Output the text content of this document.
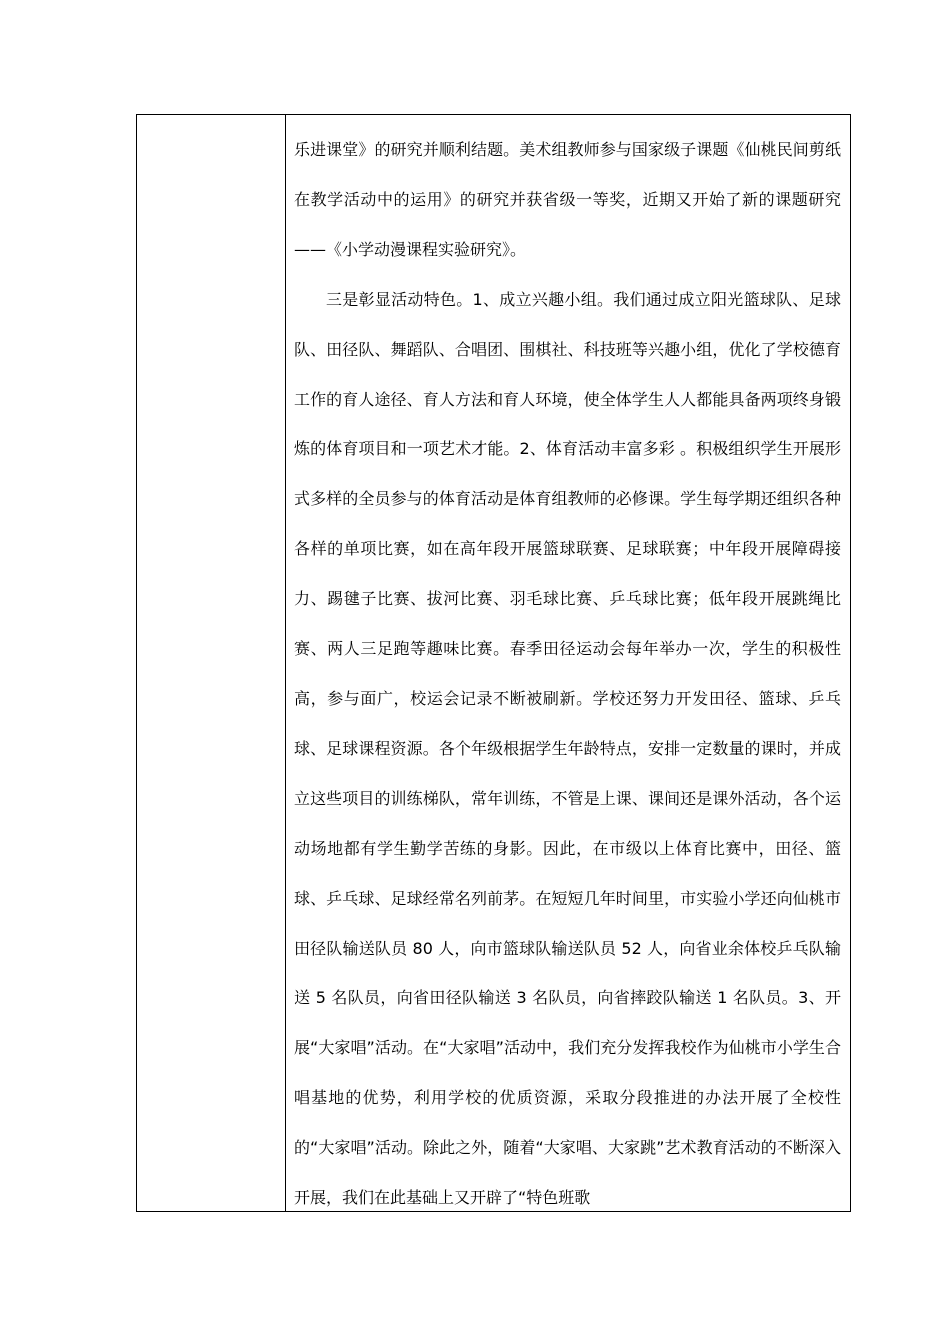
乐进课堂》的研究并顺利结题。美术组教师参与国家级子课题《仙桃民间剪纸在教学活动中的运用》的研究并获省级一等奖，近期又开始了新的课题研究——《小学动漫课程实验研究》。

三是彰显活动特色。1、成立兴趣小组。我们通过成立阳光篮球队、足球队、田径队、舞蹈队、合唱团、围棋社、科技班等兴趣小组，优化了学校德育工作的育人途径、育人方法和育人环境，使全体学生人人都能具备两项终身锻炼的体育项目和一项艺术才能。2、体育活动丰富多彩 。积极组织学生开展形式多样的全员参与的体育活动是体育组教师的必修课。学生每学期还组织各种各样的单项比赛，如在高年段开展篮球联赛、足球联赛；中年段开展障碍接力、踢毽子比赛、拔河比赛、羽毛球比赛、乒乓球比赛；低年段开展跳绳比赛、两人三足跑等趣味比赛。春季田径运动会每年举办一次，学生的积极性高，参与面广，校运会记录不断被刷新。学校还努力开发田径、篮球、乒乓球、足球课程资源。各个年级根据学生年龄特点，安排一定数量的课时，并成立这些项目的训练梯队，常年训练，不管是上课、课间还是课外活动，各个运动场地都有学生勤学苦练的身影。因此，在市级以上体育比赛中，田径、篮球、乒乓球、足球经常名列前茅。在短短几年时间里，市实验小学还向仙桃市田径队输送队员 80 人，向市篮球队输送队员 52 人，向省业余体校乒乓队输送 5 名队员，向省田径队输送 3 名队员，向省摔跤队输送 1 名队员。3、开展“大家唱”活动。在“大家唱”活动中，我们充分发挥我校作为仙桃市小学生合唱基地的优势，利用学校的优质资源，采取分段推进的办法开展了全校性的“大家唱”活动。除此之外，随着“大家唱、大家跳”艺术教育活动的不断深入开展，我们在此基础上又开辟了“特色班歌
